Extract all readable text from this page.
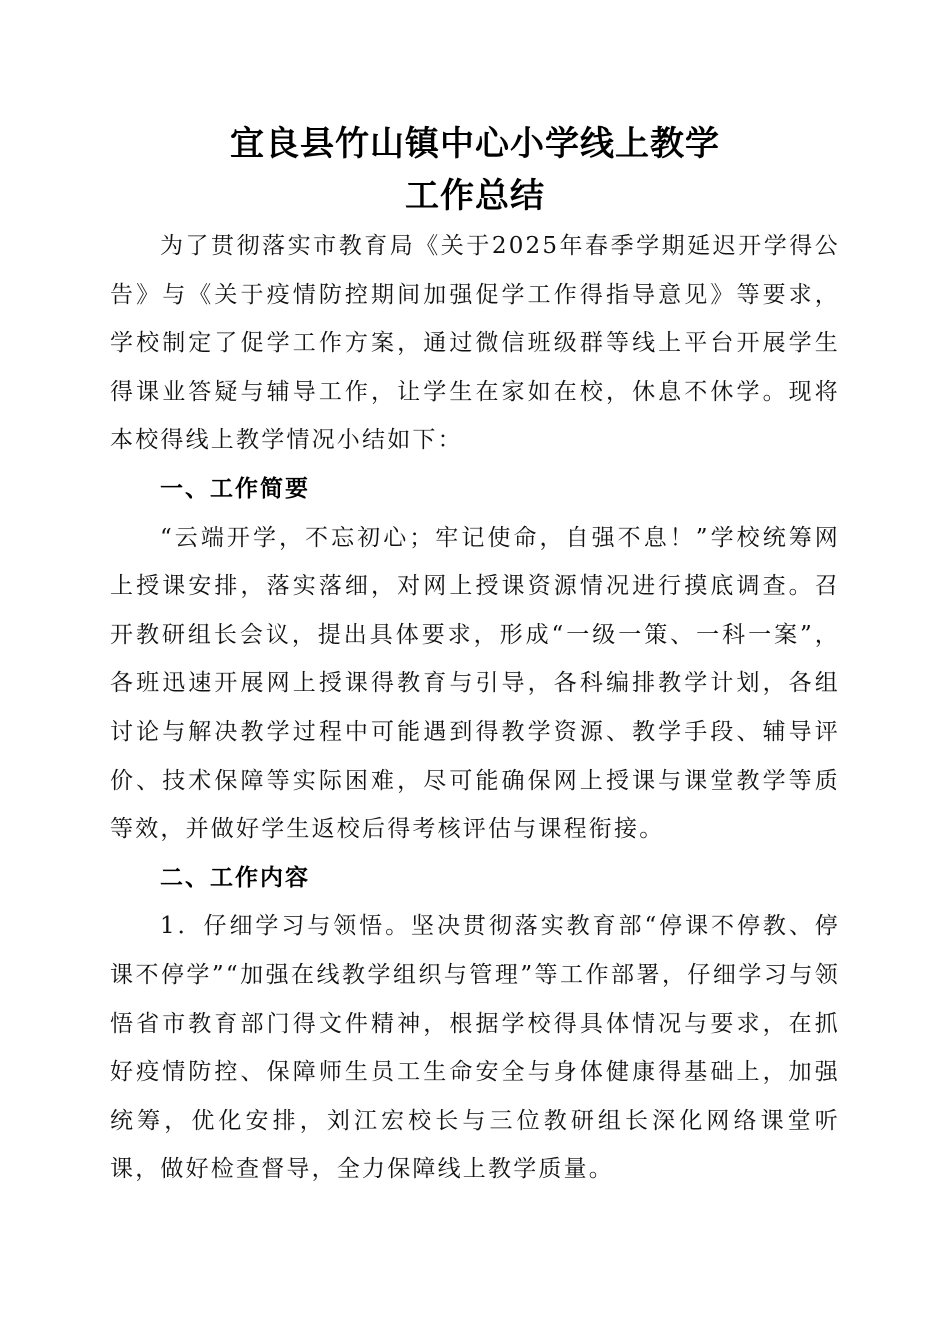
宜良县竹山镇中心小学线上教学
工作总结

为了贯彻落实市教育局《关于2025年春季学期延迟开学得公告》与《关于疫情防控期间加强促学工作得指导意见》等要求，学校制定了促学工作方案，通过微信班级群等线上平台开展学生得课业答疑与辅导工作，让学生在家如在校，休息不休学。现将本校得线上教学情况小结如下：

一、工作简要

“云端开学，不忘初心；牢记使命，自强不息！”学校统筹网上授课安排，落实落细，对网上授课资源情况进行摸底调查。召开教研组长会议，提出具体要求，形成“一级一策、一科一案”，各班迅速开展网上授课得教育与引导，各科编排教学计划，各组讨论与解决教学过程中可能遇到得教学资源、教学手段、辅导评价、技术保障等实际困难，尽可能确保网上授课与课堂教学等质等效，并做好学生返校后得考核评估与课程衔接。

二、工作内容

1．仔细学习与领悟。坚决贯彻落实教育部“停课不停教、停课不停学”“加强在线教学组织与管理”等工作部署，仔细学习与领悟省市教育部门得文件精神，根据学校得具体情况与要求，在抓好疫情防控、保障师生员工生命安全与身体健康得基础上，加强统筹，优化安排，刘江宏校长与三位教研组长深化网络课堂听课，做好检查督导，全力保障线上教学质量。
